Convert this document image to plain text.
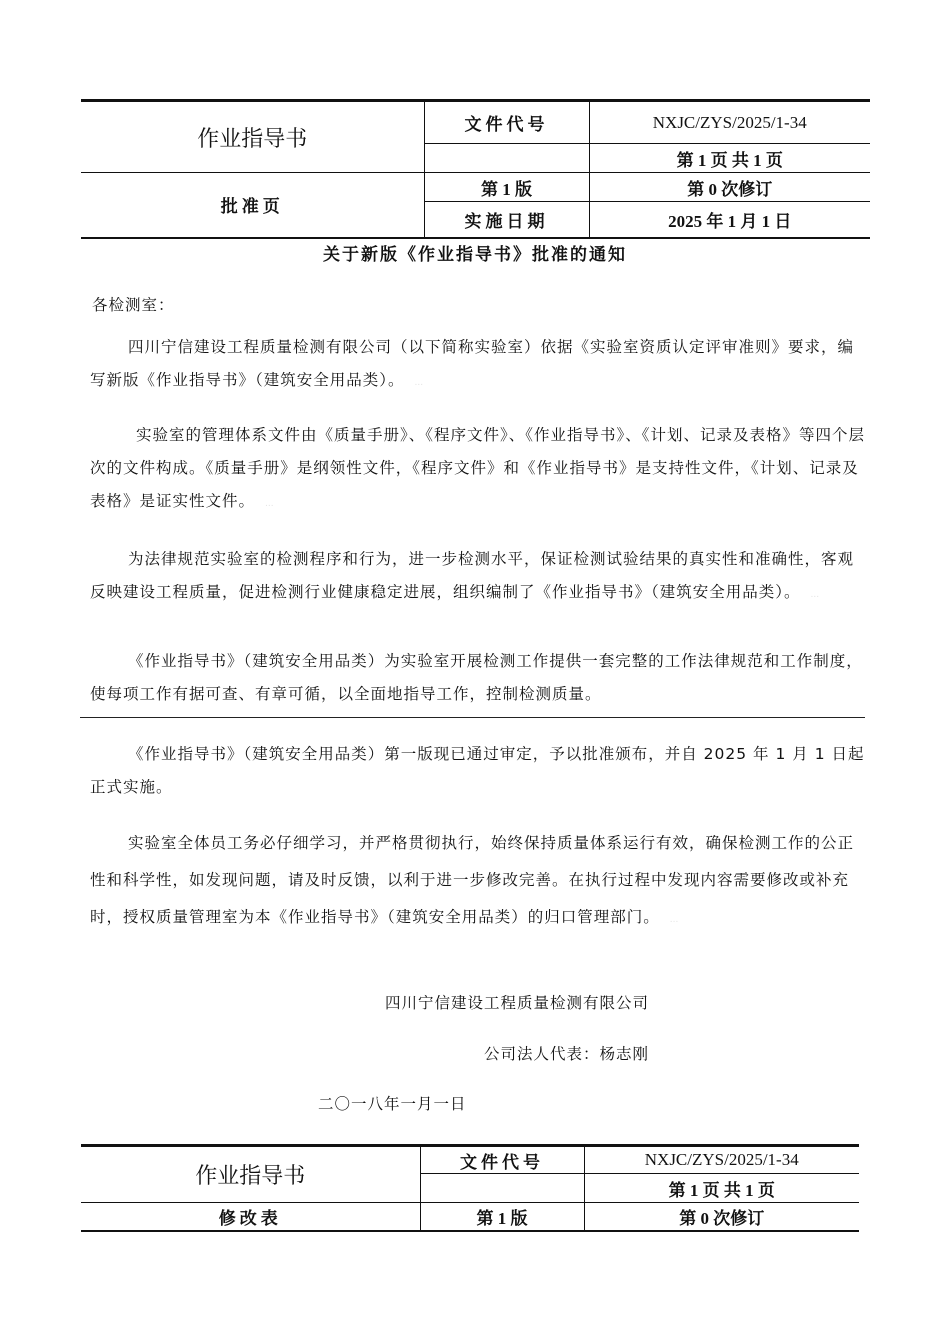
作业指导书	文件代号	NXJC/ZYS/2025/1-34
		第 1 页 共 1 页
批准页	第 1 版	第 0 次修订
	实施日期	2025 年 1 月 1 日
关于新版《作业指导书》批准的通知
各检测室：
四川宁信建设工程质量检测有限公司（以下简称实验室）依据《实验室资质认定评审准则》要求，编写新版《作业指导书》（建筑安全用品类）。 ...
实验室的管理体系文件由《质量手册》、《程序文件》、《作业指导书》、《计划、记录及表格》等四个层次的文件构成。《质量手册》是纲领性文件，《程序文件》和《作业指导书》是支持性文件，《计划、记录及表格》是证实性文件。 ...
为法律规范实验室的检测程序和行为，进一步检测水平，保证检测试验结果的真实性和准确性，客观反映建设工程质量，促进检测行业健康稳定进展，组织编制了《作业指导书》（建筑安全用品类）。 ...
《作业指导书》（建筑安全用品类）为实验室开展检测工作提供一套完整的工作法律规范和工作制度，使每项工作有据可查、有章可循，以全面地指导工作，控制检测质量。
《作业指导书》（建筑安全用品类）第一版现已通过审定，予以批准颁布，并自 2025 年 1 月 1 日起正式实施。
实验室全体员工务必仔细学习，并严格贯彻执行，始终保持质量体系运行有效，确保检测工作的公正性和科学性，如发现问题，请及时反馈，以利于进一步修改完善。在执行过程中发现内容需要修改或补充时，授权质量管理室为本《作业指导书》（建筑安全用品类）的归口管理部门。 ...
四川宁信建设工程质量检测有限公司
公司法人代表：杨志刚
二〇一八年一月一日
作业指导书	文件代号	NXJC/ZYS/2025/1-34
		第 1 页 共 1 页
修改表	第 1 版	第 0 次修订
